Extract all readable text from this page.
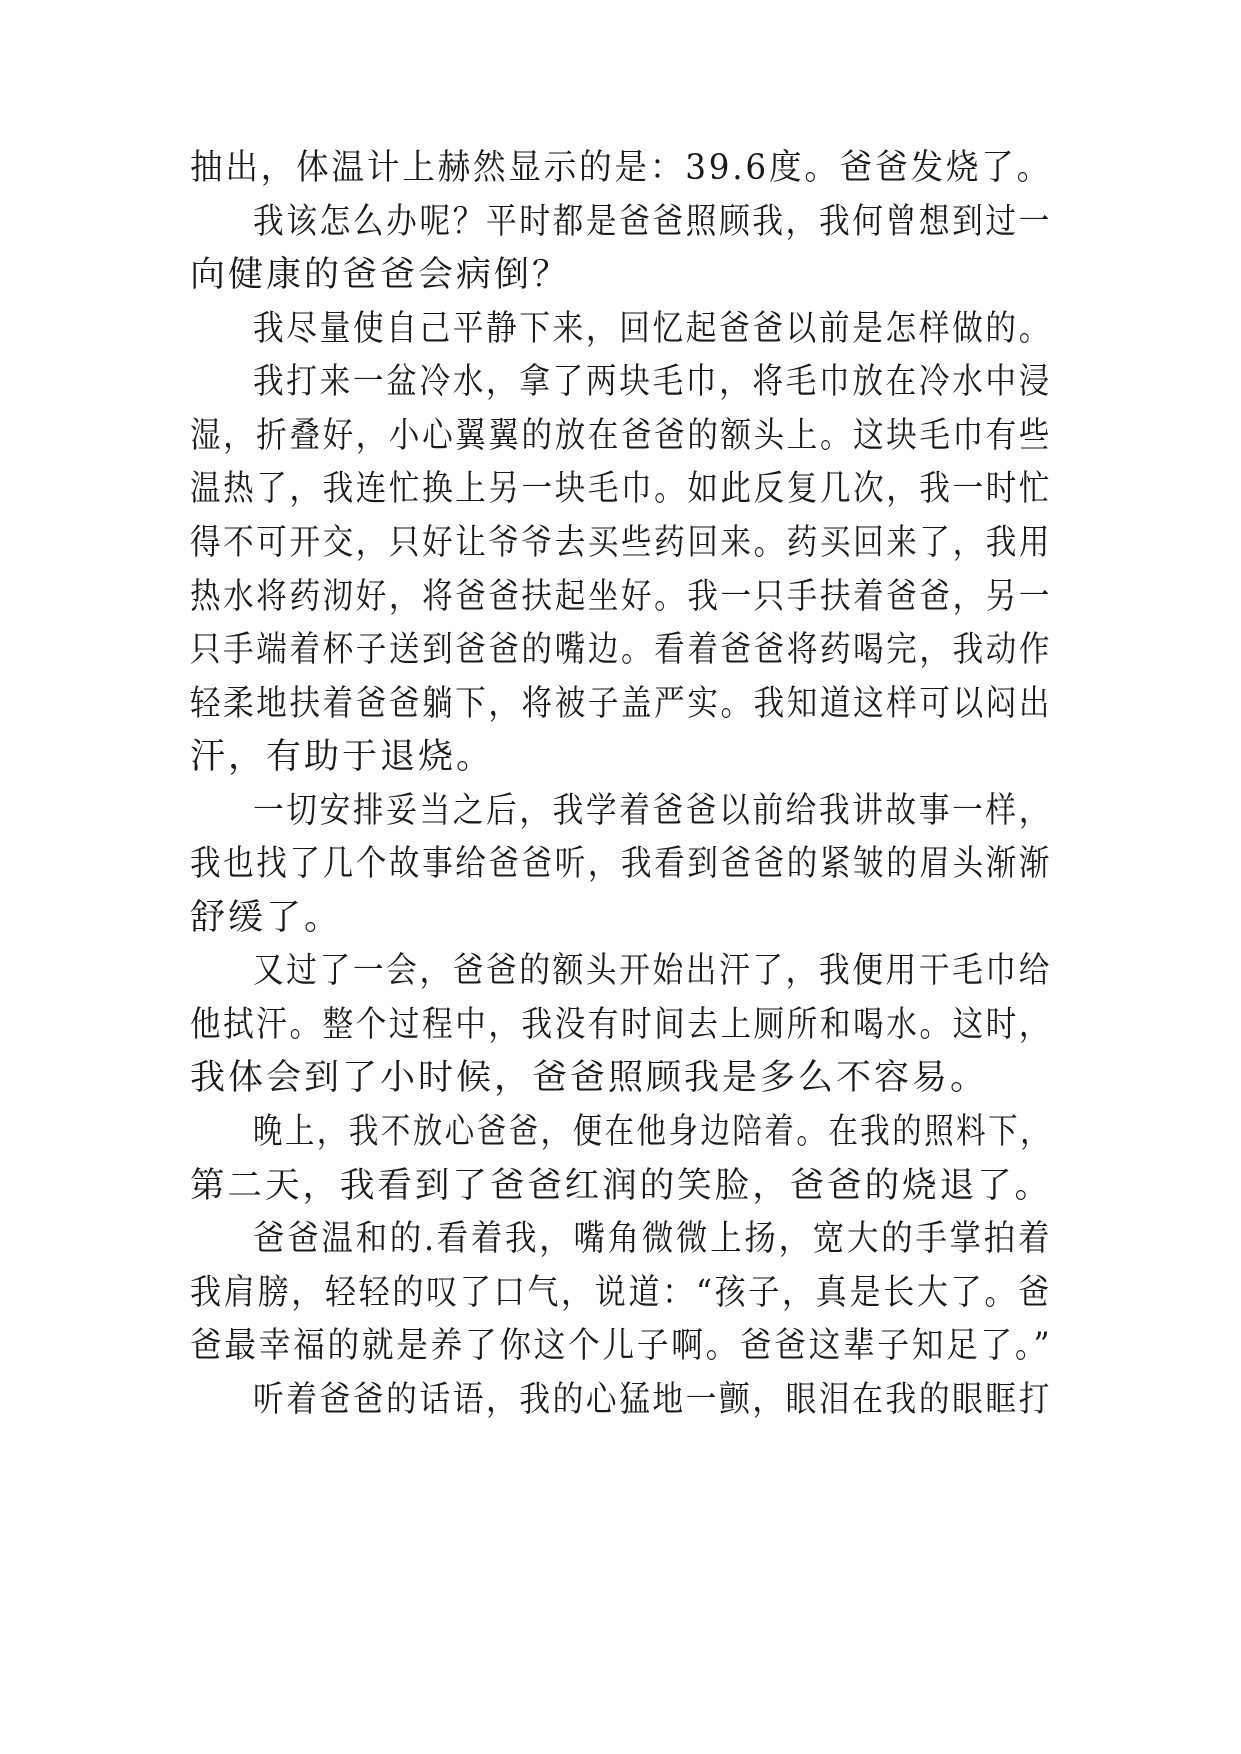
抽出，体温计上赫然显示的是：39.6度。爸爸发烧了。
我该怎么办呢？平时都是爸爸照顾我，我何曾想到过一
向健康的爸爸会病倒？
我尽量使自己平静下来，回忆起爸爸以前是怎样做的。
我打来一盆冷水，拿了两块毛巾，将毛巾放在冷水中浸
湿，折叠好，小心翼翼的放在爸爸的额头上。这块毛巾有些
温热了，我连忙换上另一块毛巾。如此反复几次，我一时忙
得不可开交，只好让爷爷去买些药回来。药买回来了，我用
热水将药沏好，将爸爸扶起坐好。我一只手扶着爸爸，另一
只手端着杯子送到爸爸的嘴边。看着爸爸将药喝完，我动作
轻柔地扶着爸爸躺下，将被子盖严实。我知道这样可以闷出
汗，有助于退烧。
一切安排妥当之后，我学着爸爸以前给我讲故事一样，
我也找了几个故事给爸爸听，我看到爸爸的紧皱的眉头渐渐
舒缓了。
又过了一会，爸爸的额头开始出汗了，我便用干毛巾给
他拭汗。整个过程中，我没有时间去上厕所和喝水。这时，
我体会到了小时候，爸爸照顾我是多么不容易。
晚上，我不放心爸爸，便在他身边陪着。在我的照料下，
第二天，我看到了爸爸红润的笑脸，爸爸的烧退了。
爸爸温和的.看着我，嘴角微微上扬，宽大的手掌拍着
我肩膀，轻轻的叹了口气，说道：“孩子，真是长大了。爸
爸最幸福的就是养了你这个儿子啊。爸爸这辈子知足了。”
听着爸爸的话语，我的心猛地一颤，眼泪在我的眼眶打
